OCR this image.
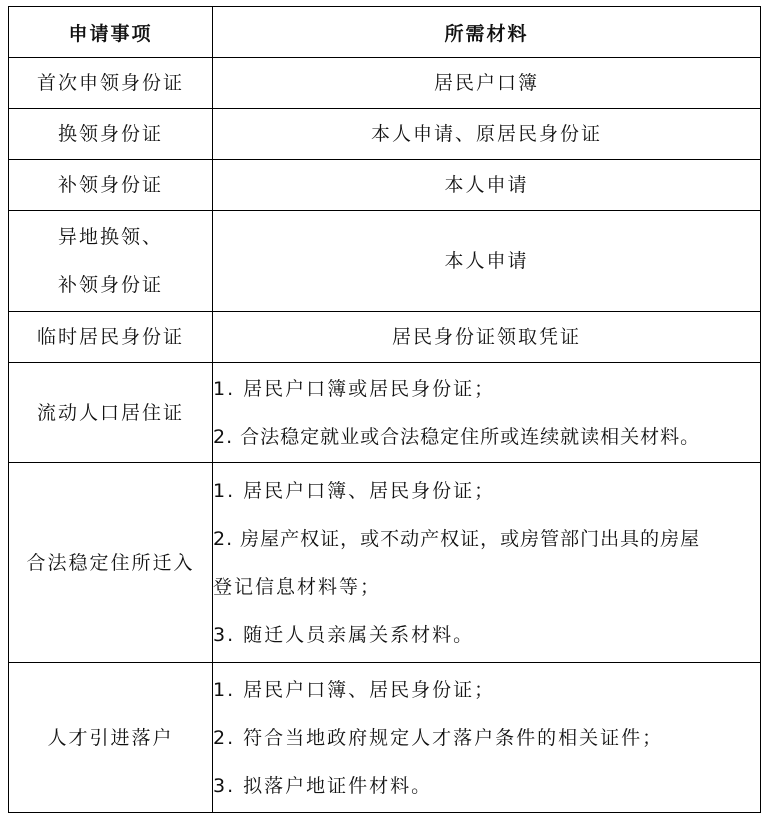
申请事项	所需材料

首次申领身份证	居民户口簿

换领身份证	本人申请、原居民身份证

补领身份证	本人申请

异地换领、
补领身份证	本人申请

临时居民身份证	居民身份证领取凭证

流动人口居住证	1. 居民户口簿或居民身份证；
2. 合法稳定就业或合法稳定住所或连续就读相关材料。

合法稳定住所迁入	1. 居民户口簿、居民身份证；
2. 房屋产权证，或不动产权证，或房管部门出具的房屋
登记信息材料等；
3. 随迁人员亲属关系材料。

人才引进落户	1. 居民户口簿、居民身份证；
2. 符合当地政府规定人才落户条件的相关证件；
3. 拟落户地证件材料。
